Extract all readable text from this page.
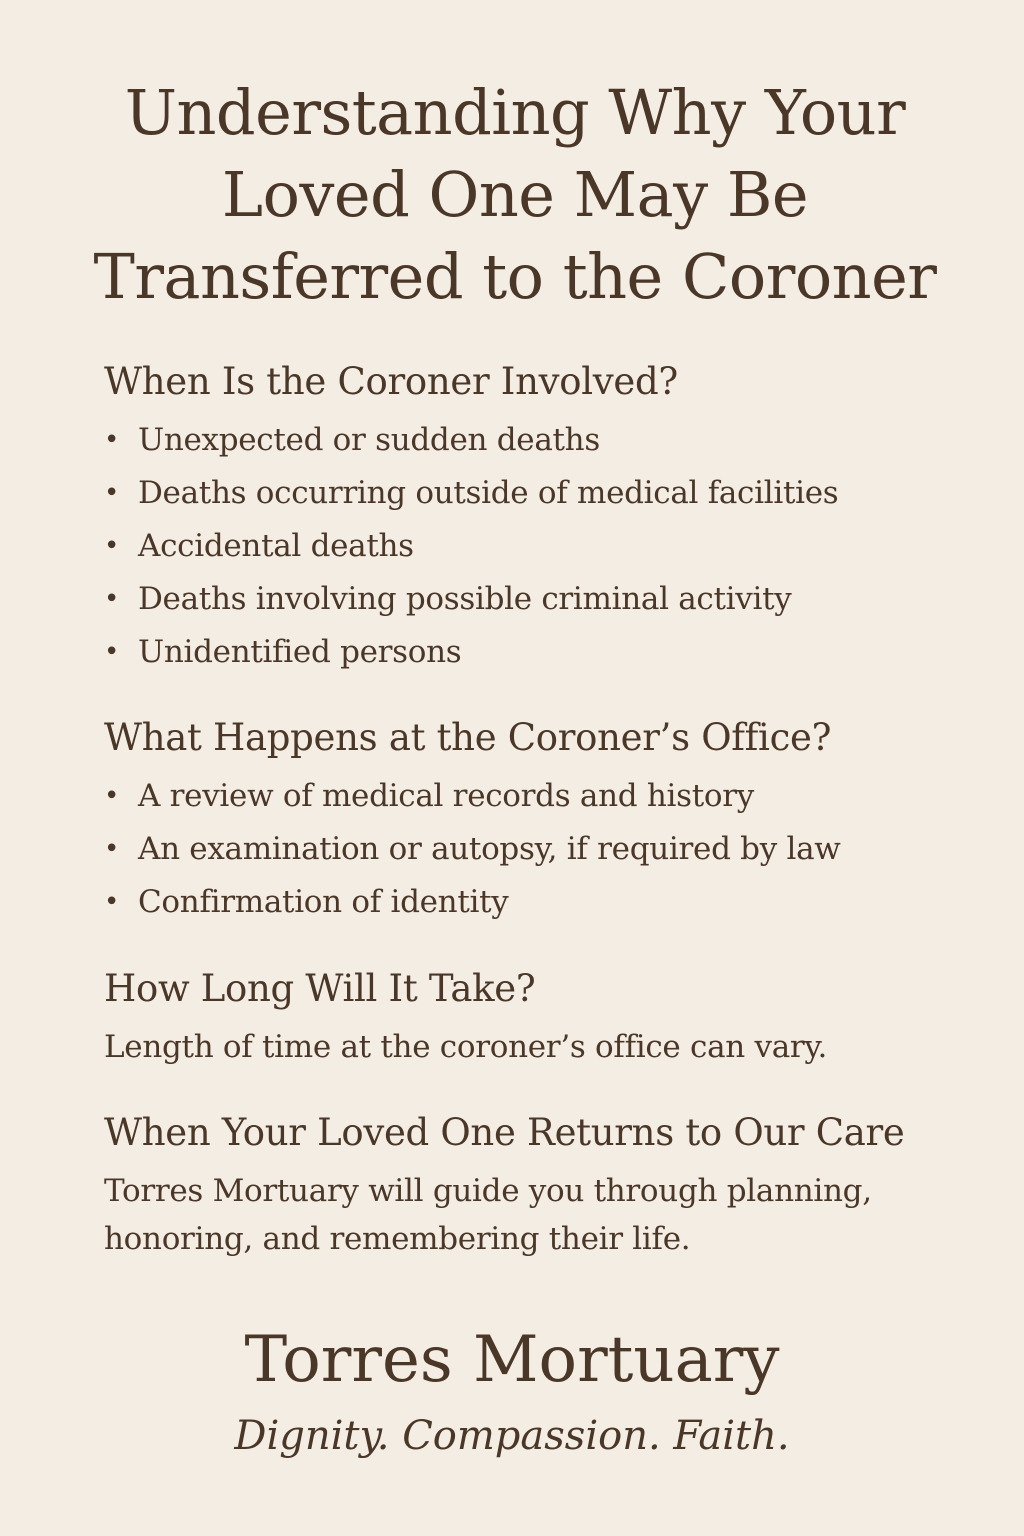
Understanding Why Your
Loved One May Be
Transferred to the Coroner
When Is the Coroner Involved?
• Unexpected or sudden deaths
• Deaths occurring outside of medical facilities
• Accidental deaths
• Deaths involving possible criminal activity
• Unidentified persons
What Happens at the Coroner’s Office?
• A review of medical records and history
• An examination or autopsy, if required by law
• Confirmation of identity
How Long Will It Take?

Length of time at the coroner’s office can vary.

When Your Loved One Returns to Our Care

Torres Mortuary will guide you through planning, honoring, and remembering their life.

Torres Mortuary
Dignity. Compassion. Faith.
